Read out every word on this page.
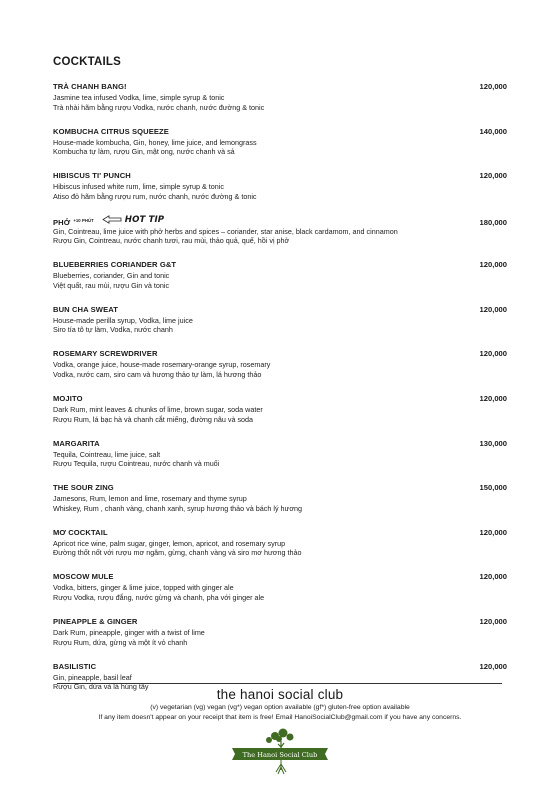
COCKTAILS
TRÀ CHANH BANG!	120,000
Jasmine tea infused Vodka, lime, simple syrup & tonic
Trà nhài hãm bằng rượu Vodka, nước chanh, nước đường & tonic
KOMBUCHA CITRUS SQUEEZE	140,000
House-made kombucha, Gin, honey, lime juice, and lemongrass
Kombucha tự làm, rượu Gin, mật ong, nước chanh và sả
HIBISCUS TI' PUNCH	120,000
Hibiscus infused white rum, lime, simple syrup & tonic
Atiso đỏ hãm bằng rượu rum, nước chanh, nước đường & tonic
PHỞ +10 PHÚT	HOT TIP	180,000
Gin, Cointreau, lime juice with phở herbs and spices – coriander, star anise, black cardamom, and cinnamon
Rượu Gin, Cointreau, nước chanh tươi, rau mùi, thảo quả, quế, hồi vị phở
BLUEBERRIES CORIANDER G&T	120,000
Blueberries, coriander, Gin and tonic
Việt quất, rau mùi, rượu Gin và tonic
BUN CHA SWEAT	120,000
House-made perilla syrup, Vodka, lime juice
Siro tía tô tự làm, Vodka, nước chanh
ROSEMARY SCREWDRIVER	120,000
Vodka, orange juice, house-made rosemary-orange syrup, rosemary
Vodka, nước cam, siro cam và hương thảo tự làm, lá hương thảo
MOJITO	120,000
Dark Rum, mint leaves & chunks of lime, brown sugar, soda water
Rượu Rum, lá bạc hà và chanh cắt miếng, đường nâu và soda
MARGARITA	130,000
Tequila, Cointreau, lime juice, salt
Rượu Tequila, rượu Cointreau, nước chanh và muối
THE SOUR ZING	150,000
Jamesons, Rum, lemon and lime, rosemary and thyme syrup
Whiskey, Rum , chanh vàng, chanh xanh, syrup hương thảo và bách lý hương
MƠ COCKTAIL	120,000
Apricot rice wine, palm sugar, ginger, lemon, apricot, and rosemary syrup
Đường thốt nốt với rượu mơ ngâm, gừng, chanh vàng và siro mơ hương thảo
MOSCOW MULE	120,000
Vodka, bitters, ginger & lime juice, topped with ginger ale
Rượu Vodka, rượu đắng, nước gừng và chanh, pha với ginger ale
PINEAPPLE & GINGER	120,000
Dark Rum, pineapple, ginger with a twist of lime
Rượu Rum, dứa, gừng và một ít vỏ chanh
BASILISTIC	120,000
Gin, pineapple, basil leaf
Rượu Gin, dứa và lá húng tây
the hanoi social club
(v) vegetarian (vg) vegan (vg*) vegan option available (gf*) gluten-free option available
If any item doesn't appear on your receipt that item is free! Email HanoiSocialClub@gmail.com if you have any concerns.
The Hanoi Social Club
